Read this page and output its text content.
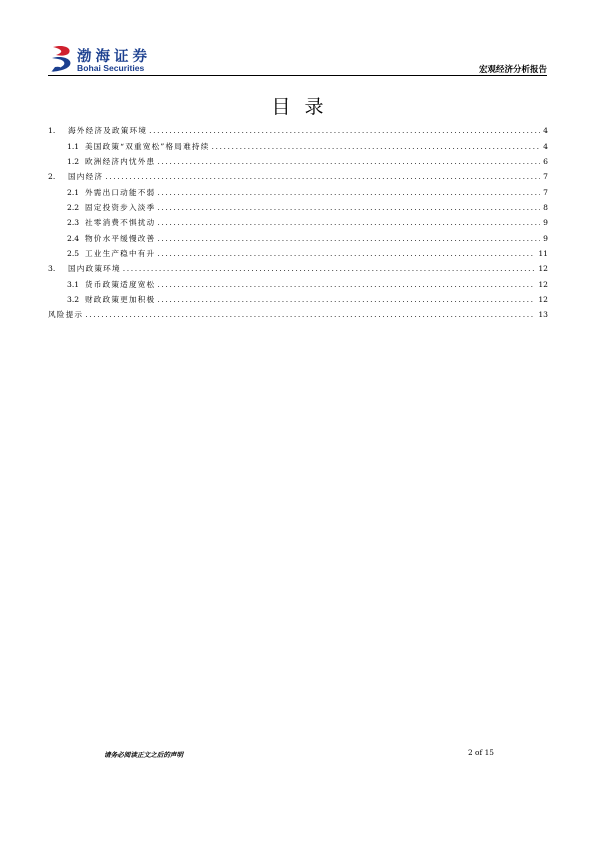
渤海证券
Bohai Securities	宏观经济分析报告
目录
1.	海外经济及政策环境 .....	4
1.1 美国政策“双重宽松”格局难持续 .....	4
1.2 欧洲经济内忧外患 .....	6
2.	国内经济 .....	7
2.1 外需出口动能不弱 .....	7
2.2 固定投资步入淡季 .....	8
2.3 社零消费不惧扰动 .....	9
2.4 物价水平缓慢改善 .....	9
2.5 工业生产稳中有升 .....	11
3.	国内政策环境 .....	12
3.1 货币政策适度宽松 .....	12
3.2 财政政策更加积极 .....	12
风险提示 .....	13
请务必阅读正文之后的声明	2 of 15
